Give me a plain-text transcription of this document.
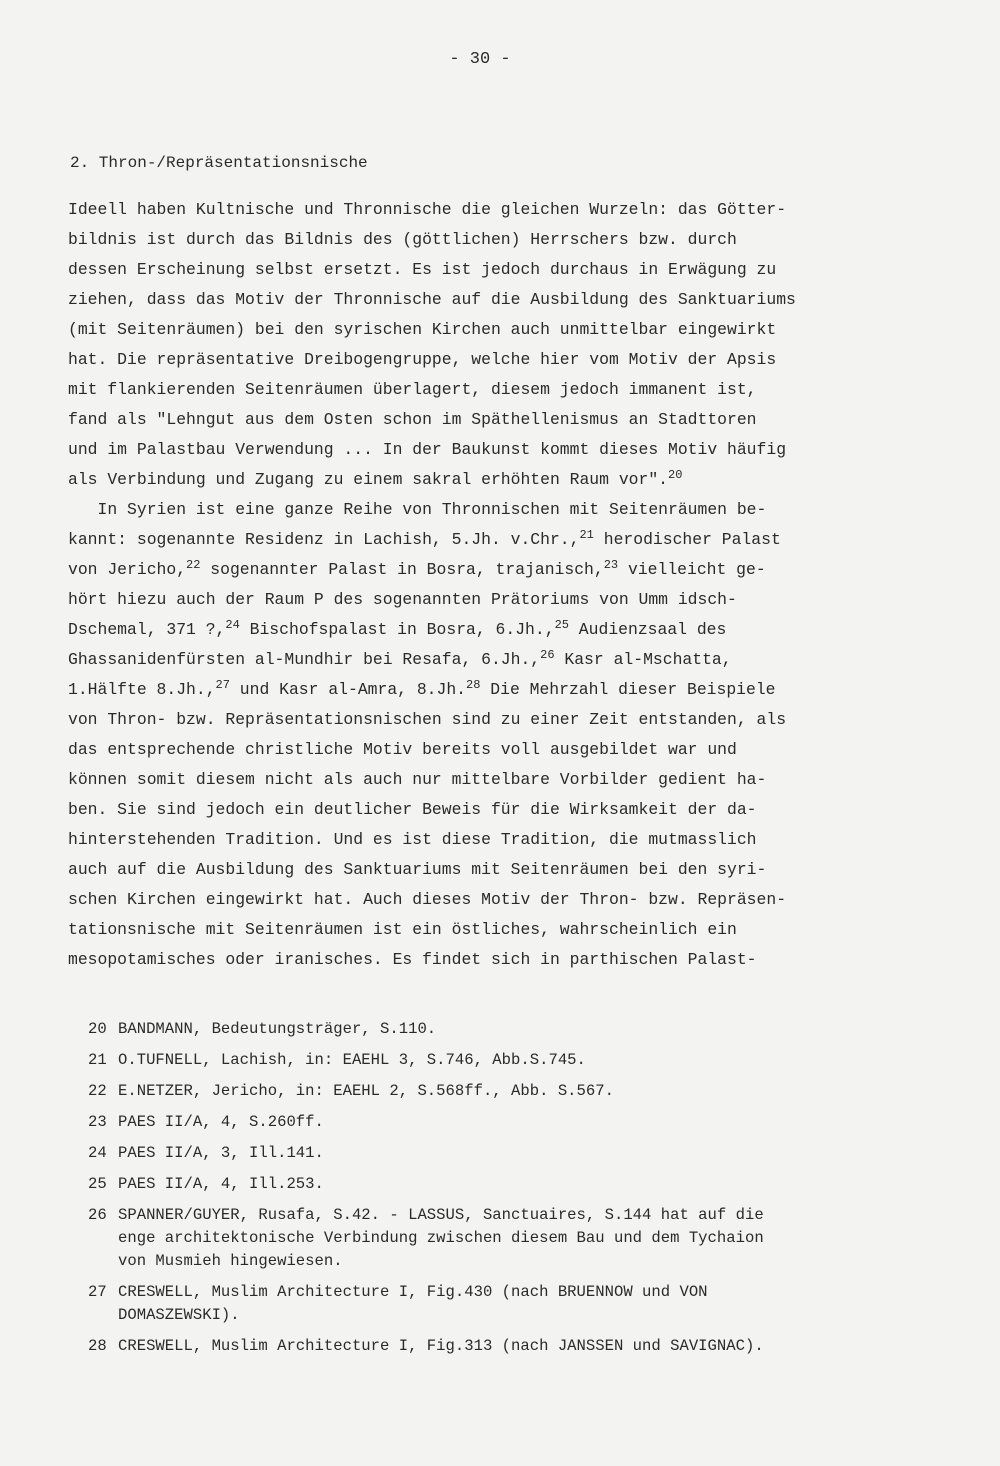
- 30 -
2. Thron-/Repräsentationsnische
Ideell haben Kultnische und Thronnische die gleichen Wurzeln: das Götter-
bildnis ist durch das Bildnis des (göttlichen) Herrschers bzw. durch
dessen Erscheinung selbst ersetzt. Es ist jedoch durchaus in Erwägung zu
ziehen, dass das Motiv der Thronnische auf die Ausbildung des Sanktuariums
(mit Seitenräumen) bei den syrischen Kirchen auch unmittelbar eingewirkt
hat. Die repräsentative Dreibogengruppe, welche hier vom Motiv der Apsis
mit flankierenden Seitenräumen überlagert, diesem jedoch immanent ist,
fand als "Lehngut aus dem Osten schon im Späthellenismus an Stadttoren
und im Palastbau Verwendung ... In der Baukunst kommt dieses Motiv häufig
als Verbindung und Zugang zu einem sakral erhöhten Raum vor".$^{20}$
In Syrien ist eine ganze Reihe von Thronnischen mit Seitenräumen be-
kannt: sogenannte Residenz in Lachish, 5.Jh. v.Chr.,$^{21}$ herodischer Palast
von Jericho,$^{22}$ sogenannter Palast in Bosra, trajanisch,$^{23}$ vielleicht ge-
hört hiezu auch der Raum P des sogenannten Prätoriums von Umm idsch-
Dschemal, 371 ?,$^{24}$ Bischofspalast in Bosra, 6.Jh.,$^{25}$ Audienzsaal des
Ghassanidenfürsten al-Mundhir bei Resafa, 6.Jh.,$^{26}$ Kasr al-Mschatta,
1.Hälfte 8.Jh.,$^{27}$ und Kasr al-Amra, 8.Jh.$^{28}$ Die Mehrzahl dieser Beispiele
von Thron- bzw. Repräsentationsnischen sind zu einer Zeit entstanden, als
das entsprechende christliche Motiv bereits voll ausgebildet war und
können somit diesem nicht als auch nur mittelbare Vorbilder gedient ha-
ben. Sie sind jedoch ein deutlicher Beweis für die Wirksamkeit der da-
hinterstehenden Tradition. Und es ist diese Tradition, die mutmasslich
auch auf die Ausbildung des Sanktuariums mit Seitenräumen bei den syri-
schen Kirchen eingewirkt hat. Auch dieses Motiv der Thron- bzw. Repräsen-
tationsnische mit Seitenräumen ist ein östliches, wahrscheinlich ein
mesopotamisches oder iranisches. Es findet sich in parthischen Palast-
20 BANDMANN, Bedeutungsträger, S.110.
21 O.TUFNELL, Lachish, in: EAEHL 3, S.746, Abb.S.745.
22 E.NETZER, Jericho, in: EAEHL 2, S.568ff., Abb. S.567.
23 PAES II/A, 4, S.260ff.
24 PAES II/A, 3, Ill.141.
25 PAES II/A, 4, Ill.253.
26 SPANNER/GUYER, Rusafa, S.42. - LASSUS, Sanctuaires, S.144 hat auf die
enge architektonische Verbindung zwischen diesem Bau und dem Tychaion
von Musmieh hingewiesen.
27 CRESWELL, Muslim Architecture I, Fig.430 (nach BRUENNOW und VON
DOMASZEWSKI).
28 CRESWELL, Muslim Architecture I, Fig.313 (nach JANSSEN und SAVIGNAC).
